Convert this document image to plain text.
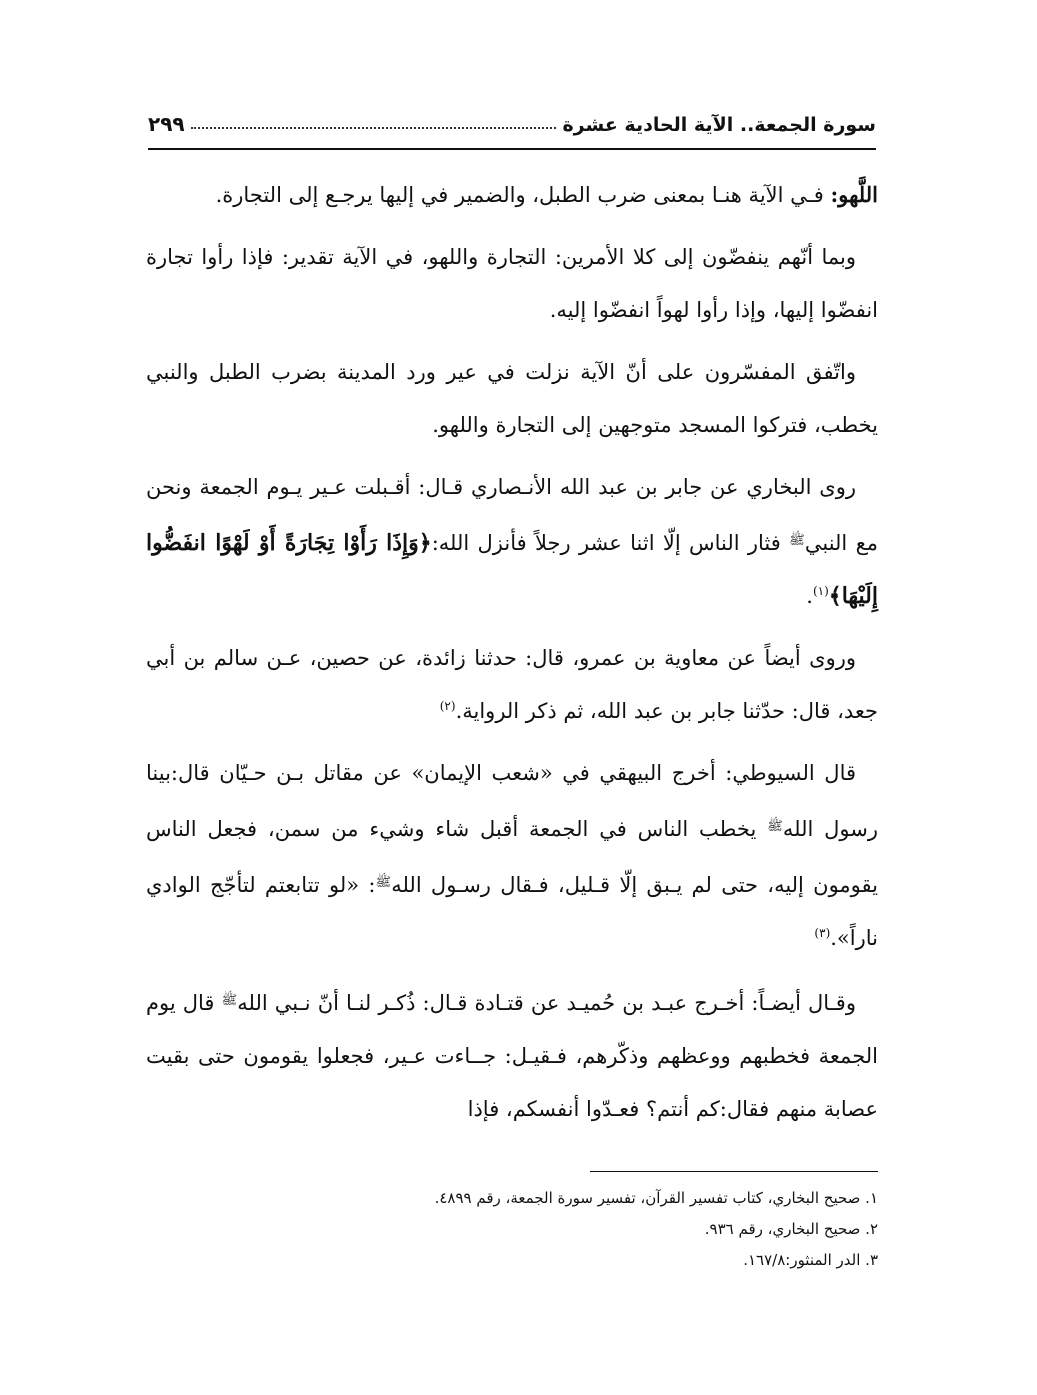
سورة الجمعة.. الآية الحادية عشرة
٢٩٩

اللَّهو: فـي الآية هنـا بمعنى ضرب الطبل، والضمير في إليها يرجـع إلى التجارة.

وبما أنّهم ينفضّون إلى كلا الأمرين: التجارة واللهو، في الآية تقدير: فإذا رأوا تجارة انفضّوا إليها، وإذا رأوا لهواً انفضّوا إليه.

واتّفق المفسّرون على أنّ الآية نزلت في عير ورد المدينة بضرب الطبل والنبي يخطب، فتركوا المسجد متوجهين إلى التجارة واللهو.

روى البخاري عن جابر بن عبد الله الأنـصاري قـال: أقـبلت عـير يـوم الجمعة ونحن مع النبي$^ﷺ$ فثار الناس إلّا اثنا عشر رجلاً فأنزل الله:﴿وَإِذَا رَأَوْا تِجَارَةً أَوْ لَهْوًا انفَضُّوا إِلَيْهَا﴾$^{(١)}$.

وروى أيضاً عن معاوية بن عمرو، قال: حدثنا زائدة، عن حصين، عـن سالم بن أبي جعد، قال: حدّثنا جابر بن عبد الله، ثم ذكر الرواية.$^{(٢)}$

قال السيوطي: أخرج البيهقي في «شعب الإيمان» عن مقاتل بـن حـيّان قال:بينا رسول الله$^ﷺ$ يخطب الناس في الجمعة أقبل شاء وشيء من سمن، فجعل الناس يقومون إليه، حتى لم يـبق إلّا قـليل، فـقال رسـول الله$^ﷺ$: «لو تتابعتم لتأجّج الوادي ناراً».$^{(٣)}$

وقـال أيضـاً: أخـرج عبـد بن حُميـد عن قتـادة قـال: ذُكـر لنـا أنّ نـبي الله$^ﷺ$ قال يوم الجمعة فخطبهم ووعظهم وذكّرهم، فـقيـل: جــاءت عـير، فجعلوا يقومون حتى بقيت عصابة منهم فقال:كم أنتم؟ فعـدّوا أنفسكم، فإذا

١. صحيح البخاري، كتاب تفسير القرآن، تفسير سورة الجمعة، رقم ٤٨٩٩.
٢. صحيح البخاري، رقم ٩٣٦.
٣. الدر المنثور:١٦٧/٨.
